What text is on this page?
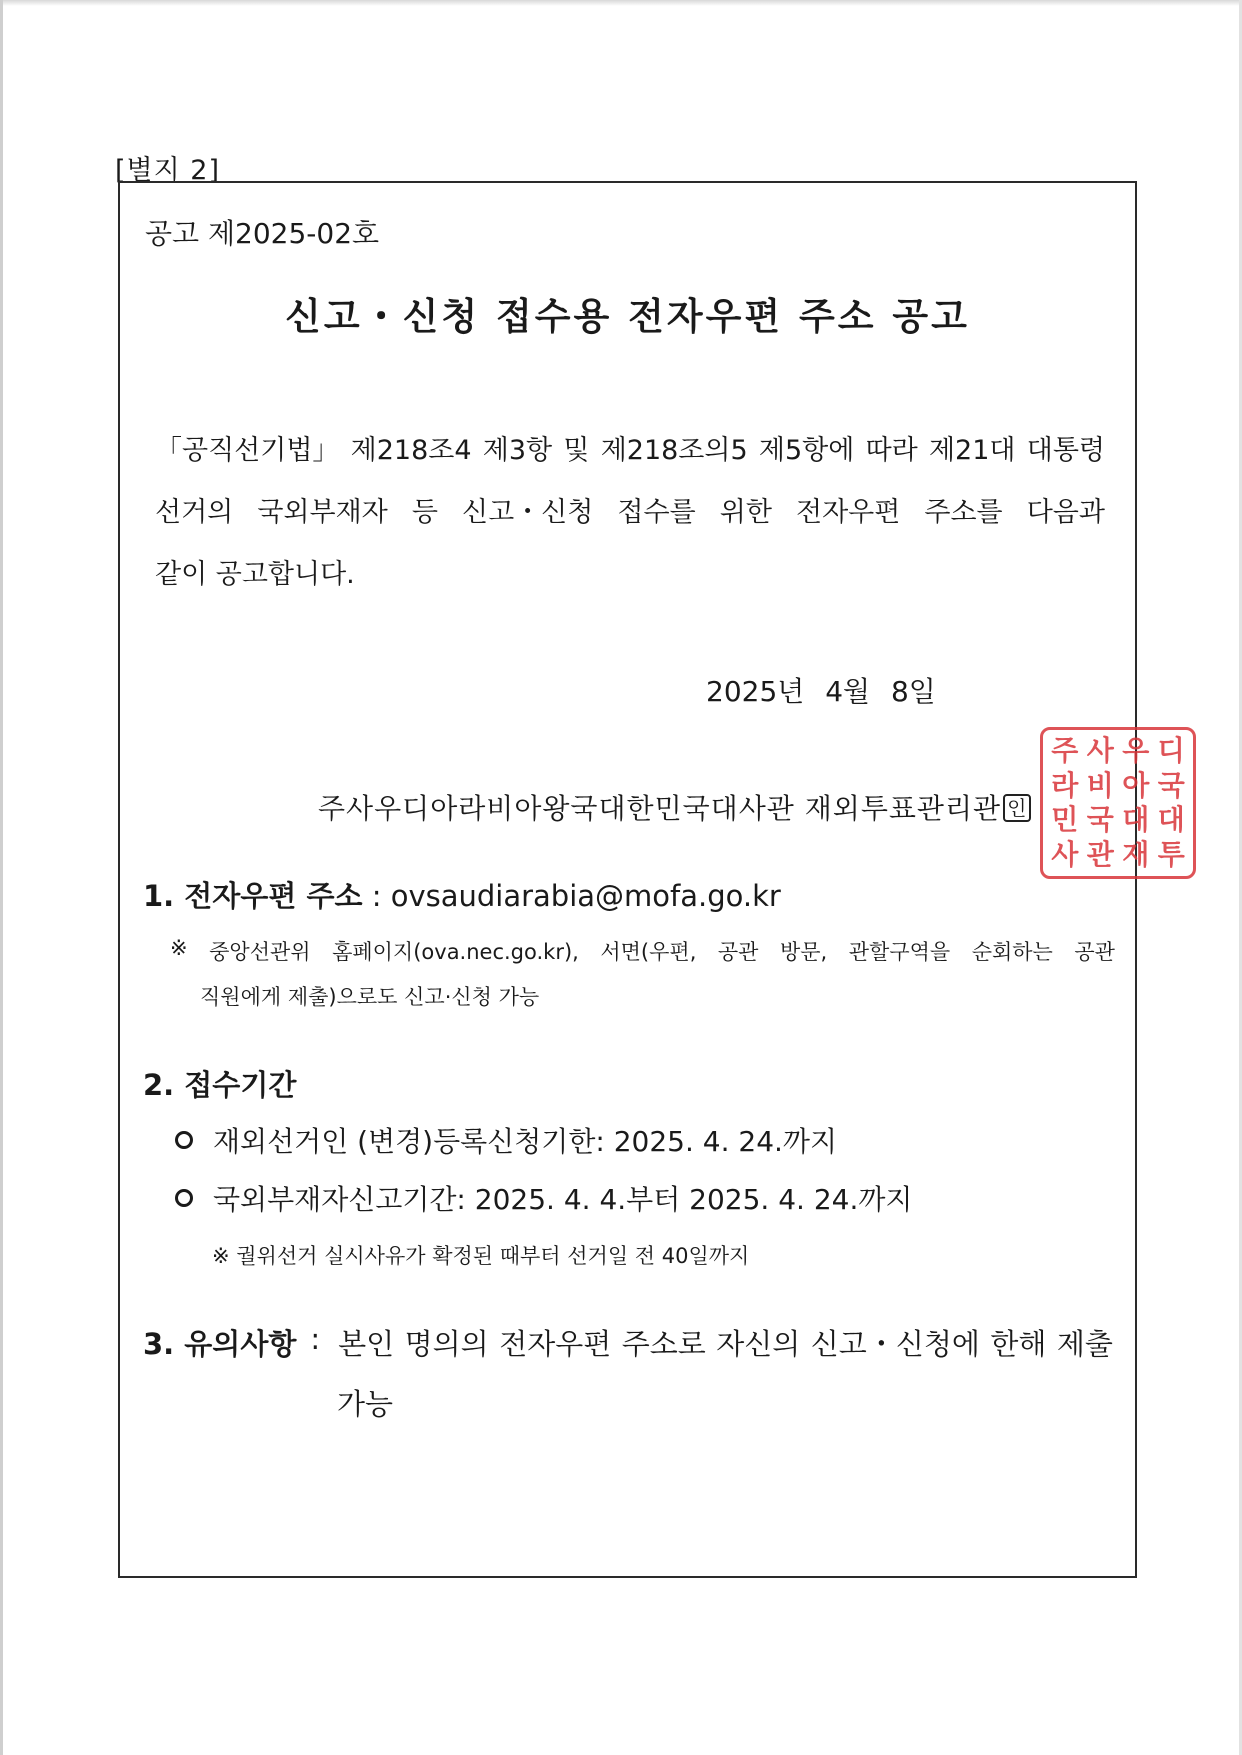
[별지 2]
공고 제2025-02호
신고・신청 접수용 전자우편 주소 공고
「공직선기법」 제218조4 제3항 및 제218조의5 제5항에 따라 제21대 대통령
선거의 국외부재자 등 신고・신청 접수를 위한 전자우편 주소를 다음과
같이 공고합니다.
2025년 4월 8일
주사우디아라비아왕국대한민국대사관 재외투표관리관 인
주 사 우 디
라 비 아 국
민 국 대 대
사 관 재 투
1. 전자우편 주소 : ovsaudiarabia@mofa.go.kr
※ 중앙선관위 홈페이지(ova.nec.go.kr), 서면(우편, 공관 방문, 관할구역을 순회하는 공관
직원에게 제출)으로도 신고·신청 가능
2. 접수기간
재외선거인 (변경)등록신청기한: 2025. 4. 24.까지
국외부재자신고기간: 2025. 4. 4.부터 2025. 4. 24.까지
※ 궐위선거 실시사유가 확정된 때부터 선거일 전 40일까지
3. 유의사항 : 본인 명의의 전자우편 주소로 자신의 신고・신청에 한해 제출
가능
